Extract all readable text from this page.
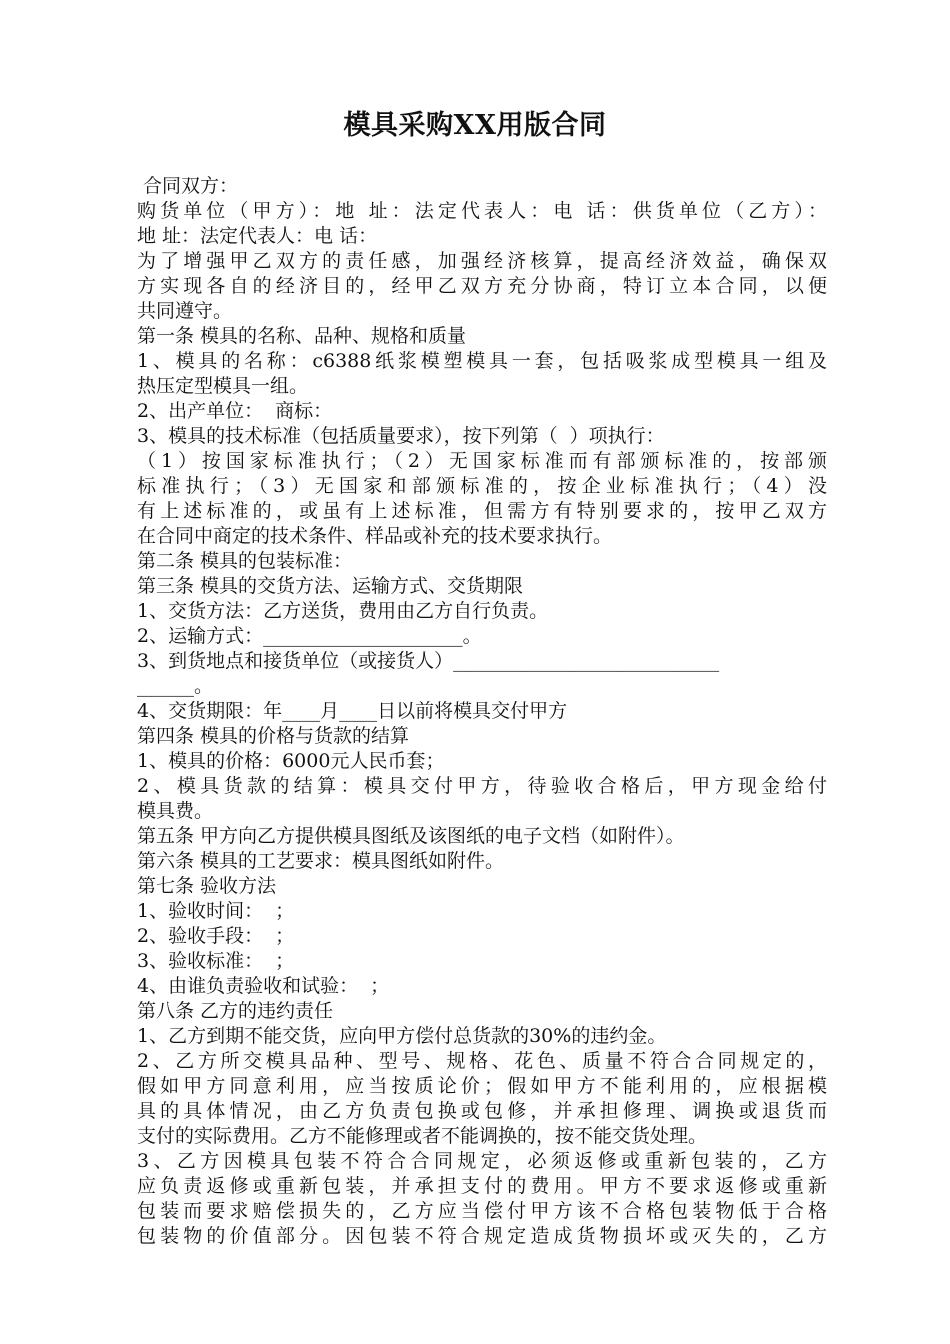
模具采购XX用版合同
合同双方：
购货单位（甲方）：地 址：法定代表人：电 话：供货单位（乙方）：
地 址：法定代表人：电 话：
为了增强甲乙双方的责任感，加强经济核算，提高经济效益，确保双
方实现各自的经济目的，经甲乙双方充分协商，特订立本合同，以便
共同遵守。
第一条 模具的名称、品种、规格和质量
1、模具的名称：c6388纸浆模塑模具一套，包括吸浆成型模具一组及
热压定型模具一组。
2、出产单位：  商标：
3、模具的技术标准（包括质量要求），按下列第（  ）项执行：
（1）按国家标准执行；（2）无国家标准而有部颁标准的，按部颁
标准执行；（3）无国家和部颁标准的，按企业标准执行；（4）没
有上述标准的，或虽有上述标准，但需方有特别要求的，按甲乙双方
在合同中商定的技术条件、样品或补充的技术要求执行。
第二条 模具的包装标准：
第三条 模具的交货方法、运输方式、交货期限
1、交货方法：乙方送货，费用由乙方自行负责。
2、运输方式：_____________________。
3、到货地点和接货单位（或接货人）____________________________
______。
4、交货期限：年____月____日以前将模具交付甲方
第四条 模具的价格与货款的结算
1、模具的价格：6000元人民币套；
2、模具货款的结算：模具交付甲方，待验收合格后，甲方现金给付
模具费。
第五条 甲方向乙方提供模具图纸及该图纸的电子文档（如附件）。
第六条 模具的工艺要求：模具图纸如附件。
第七条 验收方法
1、验收时间：  ；
2、验收手段：  ；
3、验收标准：  ；
4、由谁负责验收和试验：  ；
第八条 乙方的违约责任
1、乙方到期不能交货，应向甲方偿付总货款的30%的违约金。
2、乙方所交模具品种、型号、规格、花色、质量不符合合同规定的，
假如甲方同意利用，应当按质论价；假如甲方不能利用的，应根据模
具的具体情况，由乙方负责包换或包修，并承担修理、调换或退货而
支付的实际费用。乙方不能修理或者不能调换的，按不能交货处理。
3、乙方因模具包装不符合合同规定，必须返修或重新包装的，乙方
应负责返修或重新包装，并承担支付的费用。甲方不要求返修或重新
包装而要求赔偿损失的，乙方应当偿付甲方该不合格包装物低于合格
包装物的价值部分。因包装不符合规定造成货物损坏或灭失的，乙方
